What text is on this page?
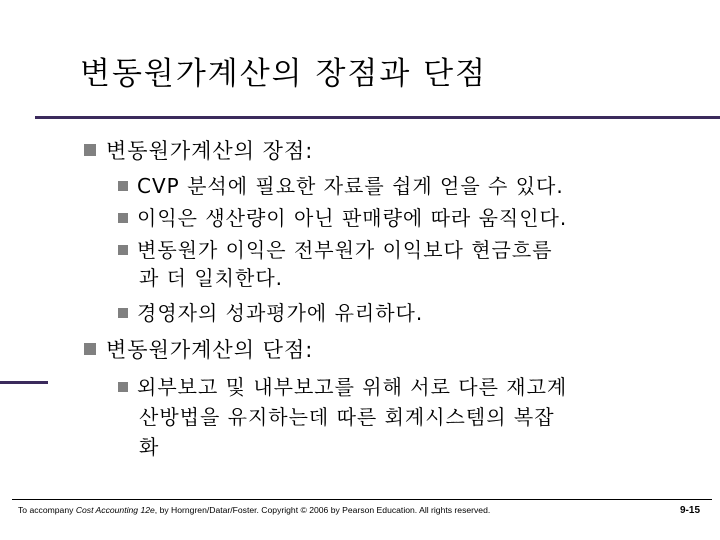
변동원가계산의 장점과 단점
변동원가계산의 장점:
CVP 분석에 필요한 자료를 쉽게 얻을 수 있다.
이익은 생산량이 아닌 판매량에 따라 움직인다.
변동원가 이익은 전부원가 이익보다 현금흐름
과 더 일치한다.
경영자의 성과평가에 유리하다.
변동원가계산의 단점:
외부보고 및 내부보고를 위해 서로 다른 재고계
산방법을 유지하는데 따른 회계시스템의 복잡
화
To accompany Cost Accounting 12e, by Horngren/Datar/Foster. Copyright © 2006 by Pearson Education. All rights reserved.	9-15
